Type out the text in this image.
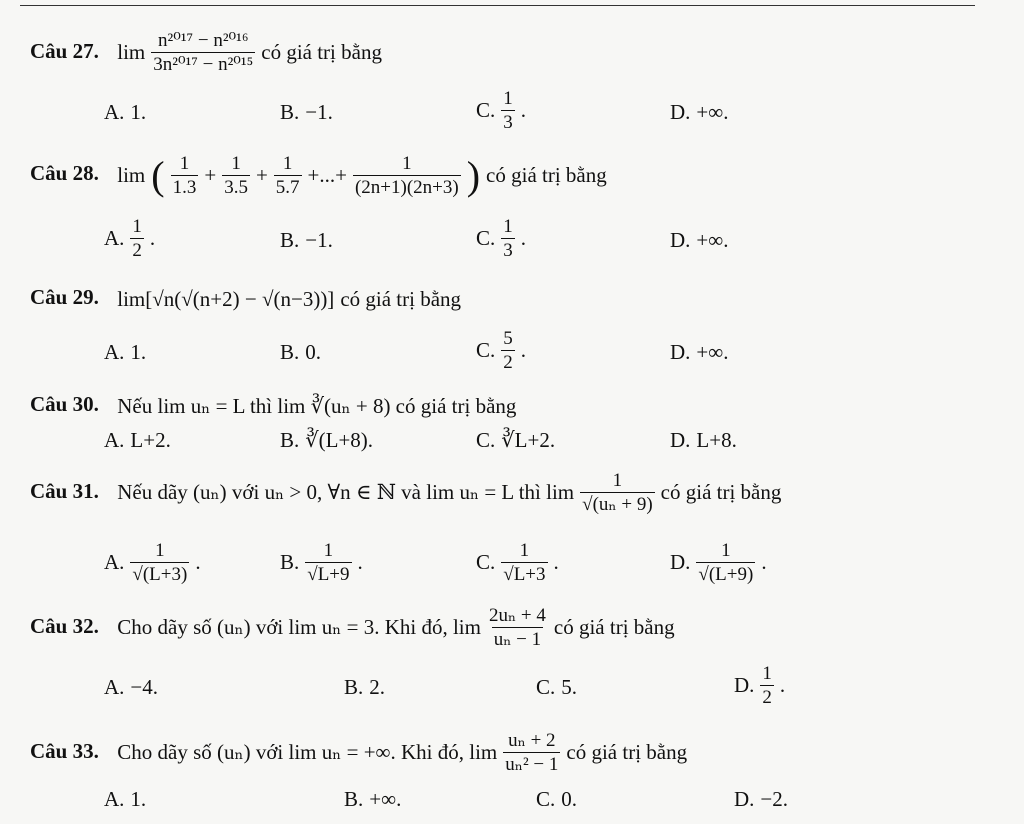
Câu 27. $\lim \frac{\text{n²⁰¹⁷ − n²⁰¹⁶}}{\text{3n²⁰¹⁷ − n²⁰¹⁵}}$ có giá trị bằng
A. 1.	B. −1.	C. $\frac{1}{3}$ .	D. +∞.
Câu 28. lim ( $\frac{1}{1.3} + \frac{1}{3.5} + \frac{1}{5.7}$ +...+ $\frac{1}{(2n+1)(2n+3)}$ ) có giá trị bằng
A. $\frac{1}{2}$ .	B. −1.	C. $\frac{1}{3}$ .	D. +∞.
Câu 29. lim[√n(√(n+2) − √(n−3))] có giá trị bằng
A. 1.	B. 0.	C. $\frac{5}{2}$ .	D. +∞.
Câu 30. Nếu lim uₙ = L thì lim ∛(uₙ + 8) có giá trị bằng
A. L+2.	B. ∛(L+8).	C. ∛L+2.	D. L+8.
Câu 31. Nếu dãy (uₙ) với uₙ > 0, ∀n ∈ ℕ và lim uₙ = L thì $\lim \frac{1}{\text{√(uₙ + 9)}}$ có giá trị bằng
A. $\frac{1}{√(L+3)}$ .	B. $\frac{1}{√L+9}$ .	C. $\frac{1}{√L+3}$ .	D. $\frac{1}{√(L+9)}$ .
Câu 32. Cho dãy số (uₙ) với lim uₙ = 3. Khi đó, $\lim \frac{\text{2uₙ + 4}}{\text{uₙ − 1}}$ có giá trị bằng
A. −4.	B. 2.	C. 5.	D. $\frac{1}{2}$ .
Câu 33. Cho dãy số (uₙ) với lim uₙ = +∞. Khi đó, $\lim \frac{\text{uₙ + 2}}{\text{uₙ² − 1}}$ có giá trị bằng
A. 1.	B. +∞.	C. 0.	D. −2.
